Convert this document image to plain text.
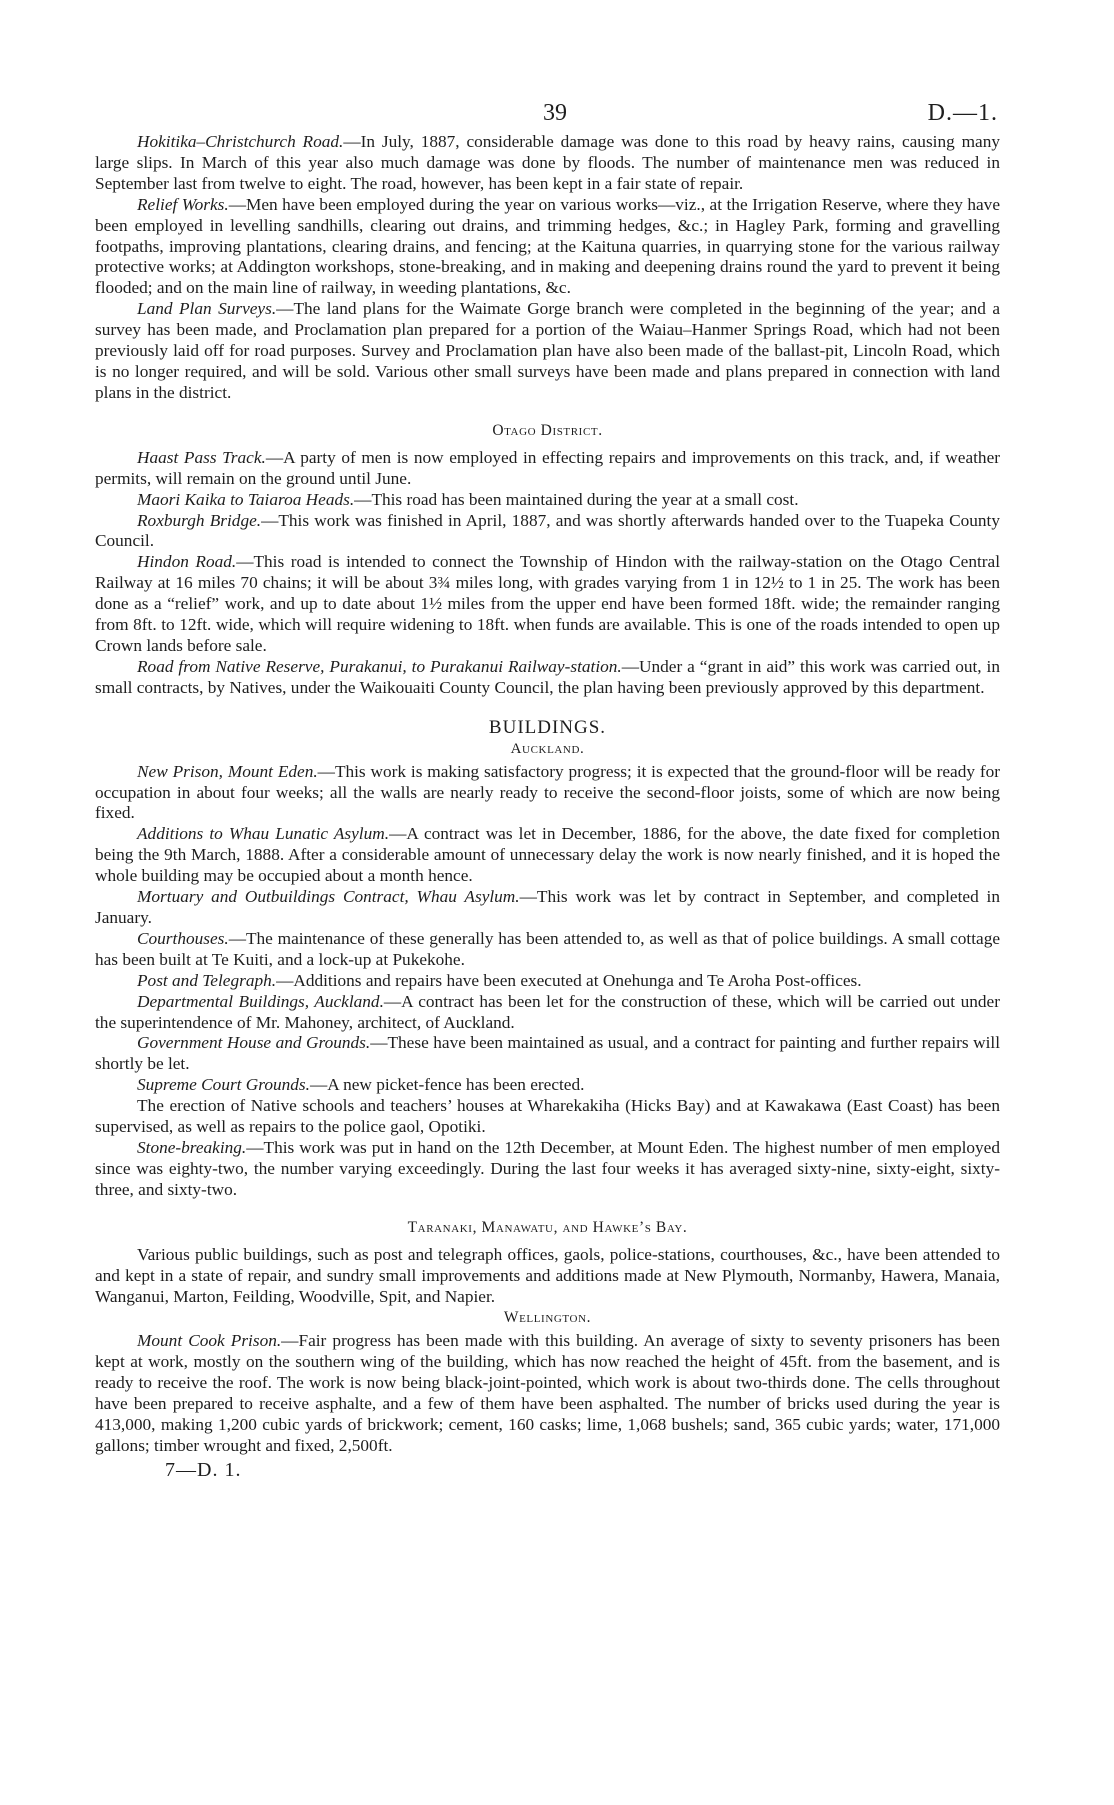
39	D.—1.

Hokitika–Christchurch Road.—In July, 1887, considerable damage was done to this road by heavy rains, causing many large slips. In March of this year also much damage was done by floods. The number of maintenance men was reduced in September last from twelve to eight. The road, however, has been kept in a fair state of repair.

Relief Works.—Men have been employed during the year on various works—viz., at the Irrigation Reserve, where they have been employed in levelling sandhills, clearing out drains, and trimming hedges, &c.; in Hagley Park, forming and gravelling footpaths, improving plantations, clearing drains, and fencing; at the Kaituna quarries, in quarrying stone for the various railway protective works; at Addington workshops, stone-breaking, and in making and deepening drains round the yard to prevent it being flooded; and on the main line of railway, in weeding plantations, &c.

Land Plan Surveys.—The land plans for the Waimate Gorge branch were completed in the beginning of the year; and a survey has been made, and Proclamation plan prepared for a portion of the Waiau–Hanmer Springs Road, which had not been previously laid off for road purposes. Survey and Proclamation plan have also been made of the ballast-pit, Lincoln Road, which is no longer required, and will be sold. Various other small surveys have been made and plans prepared in connection with land plans in the district.

Otago District.

Haast Pass Track.—A party of men is now employed in effecting repairs and improvements on this track, and, if weather permits, will remain on the ground until June.

Maori Kaika to Taiaroa Heads.—This road has been maintained during the year at a small cost.

Roxburgh Bridge.—This work was finished in April, 1887, and was shortly afterwards handed over to the Tuapeka County Council.

Hindon Road.—This road is intended to connect the Township of Hindon with the railway-station on the Otago Central Railway at 16 miles 70 chains; it will be about 3¾ miles long, with grades varying from 1 in 12½ to 1 in 25. The work has been done as a “relief” work, and up to date about 1½ miles from the upper end have been formed 18ft. wide; the remainder ranging from 8ft. to 12ft. wide, which will require widening to 18ft. when funds are available. This is one of the roads intended to open up Crown lands before sale.

Road from Native Reserve, Purakanui, to Purakanui Railway-station.—Under a “grant in aid” this work was carried out, in small contracts, by Natives, under the Waikouaiti County Council, the plan having been previously approved by this department.

BUILDINGS.
Auckland.

New Prison, Mount Eden.—This work is making satisfactory progress; it is expected that the ground-floor will be ready for occupation in about four weeks; all the walls are nearly ready to receive the second-floor joists, some of which are now being fixed.

Additions to Whau Lunatic Asylum.—A contract was let in December, 1886, for the above, the date fixed for completion being the 9th March, 1888. After a considerable amount of unnecessary delay the work is now nearly finished, and it is hoped the whole building may be occupied about a month hence.

Mortuary and Outbuildings Contract, Whau Asylum.—This work was let by contract in September, and completed in January.

Courthouses.—The maintenance of these generally has been attended to, as well as that of police buildings. A small cottage has been built at Te Kuiti, and a lock-up at Pukekohe.

Post and Telegraph.—Additions and repairs have been executed at Onehunga and Te Aroha Post-offices.

Departmental Buildings, Auckland.—A contract has been let for the construction of these, which will be carried out under the superintendence of Mr. Mahoney, architect, of Auckland.

Government House and Grounds.—These have been maintained as usual, and a contract for painting and further repairs will shortly be let.

Supreme Court Grounds.—A new picket-fence has been erected.

The erection of Native schools and teachers’ houses at Wharekakiha (Hicks Bay) and at Kawakawa (East Coast) has been supervised, as well as repairs to the police gaol, Opotiki.

Stone-breaking.—This work was put in hand on the 12th December, at Mount Eden. The highest number of men employed since was eighty-two, the number varying exceedingly. During the last four weeks it has averaged sixty-nine, sixty-eight, sixty-three, and sixty-two.

Taranaki, Manawatu, and Hawke’s Bay.

Various public buildings, such as post and telegraph offices, gaols, police-stations, courthouses, &c., have been attended to and kept in a state of repair, and sundry small improvements and additions made at New Plymouth, Normanby, Hawera, Manaia, Wanganui, Marton, Feilding, Woodville, Spit, and Napier.

Wellington.

Mount Cook Prison.—Fair progress has been made with this building. An average of sixty to seventy prisoners has been kept at work, mostly on the southern wing of the building, which has now reached the height of 45ft. from the basement, and is ready to receive the roof. The work is now being black-joint-pointed, which work is about two-thirds done. The cells throughout have been prepared to receive asphalte, and a few of them have been asphalted. The number of bricks used during the year is 413,000, making 1,200 cubic yards of brickwork; cement, 160 casks; lime, 1,068 bushels; sand, 365 cubic yards; water, 171,000 gallons; timber wrought and fixed, 2,500ft.

7—D. 1.
